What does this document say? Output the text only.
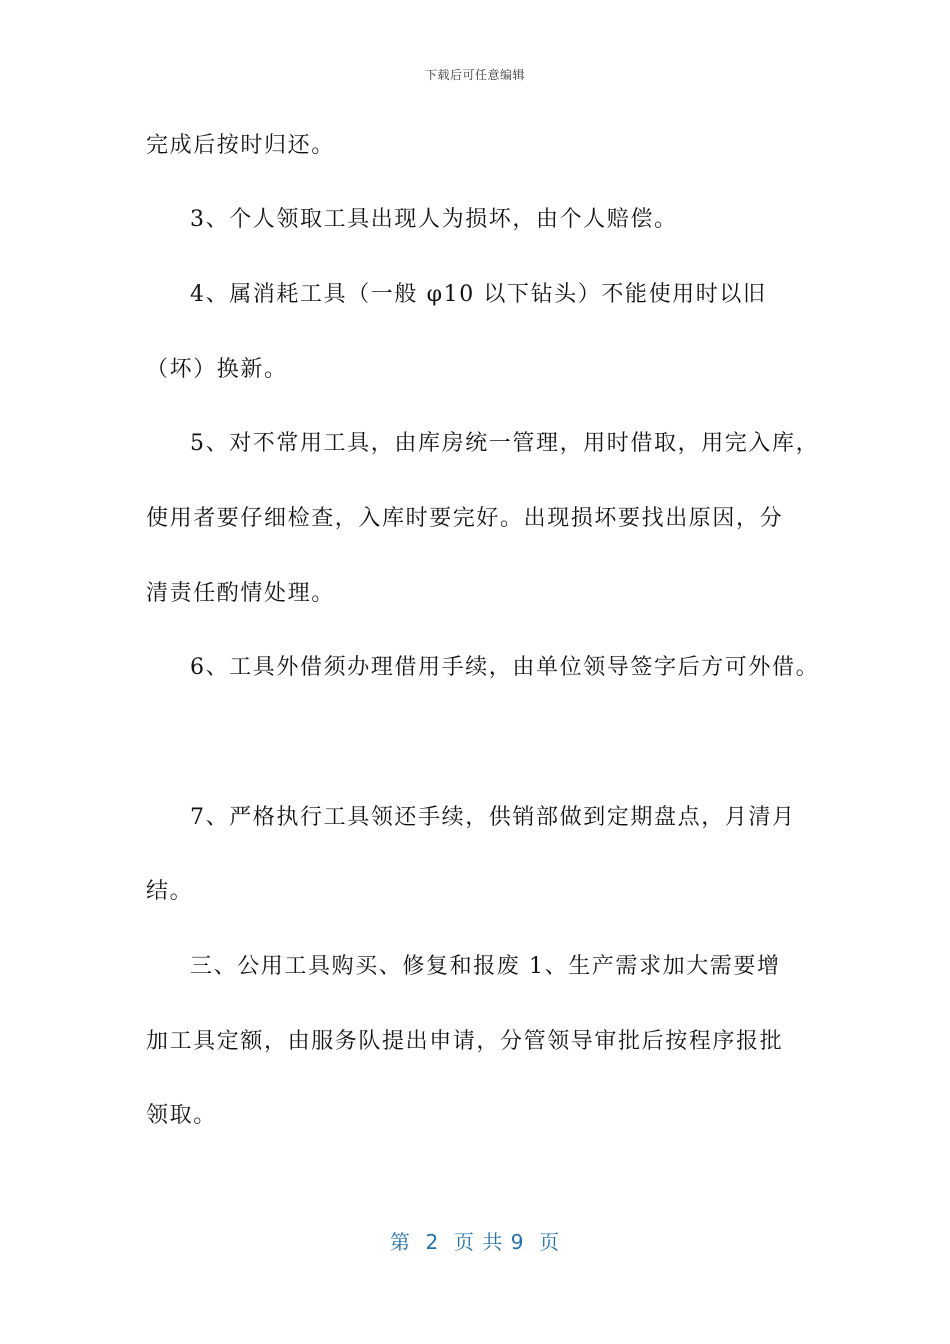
下载后可任意编辑
完成后按时归还。
3、个人领取工具出现人为损坏，由个人赔偿。
4、属消耗工具（一般 φ10 以下钻头）不能使用时以旧
（坏）换新。
5、对不常用工具，由库房统一管理，用时借取，用完入库，
使用者要仔细检查，入库时要完好。出现损坏要找出原因，分
清责任酌情处理。
6、工具外借须办理借用手续，由单位领导签字后方可外借。
7、严格执行工具领还手续，供销部做到定期盘点，月清月
结。
三、公用工具购买、修复和报废 1、生产需求加大需要增
加工具定额，由服务队提出申请，分管领导审批后按程序报批
领取。
第  2  页 共 9  页
